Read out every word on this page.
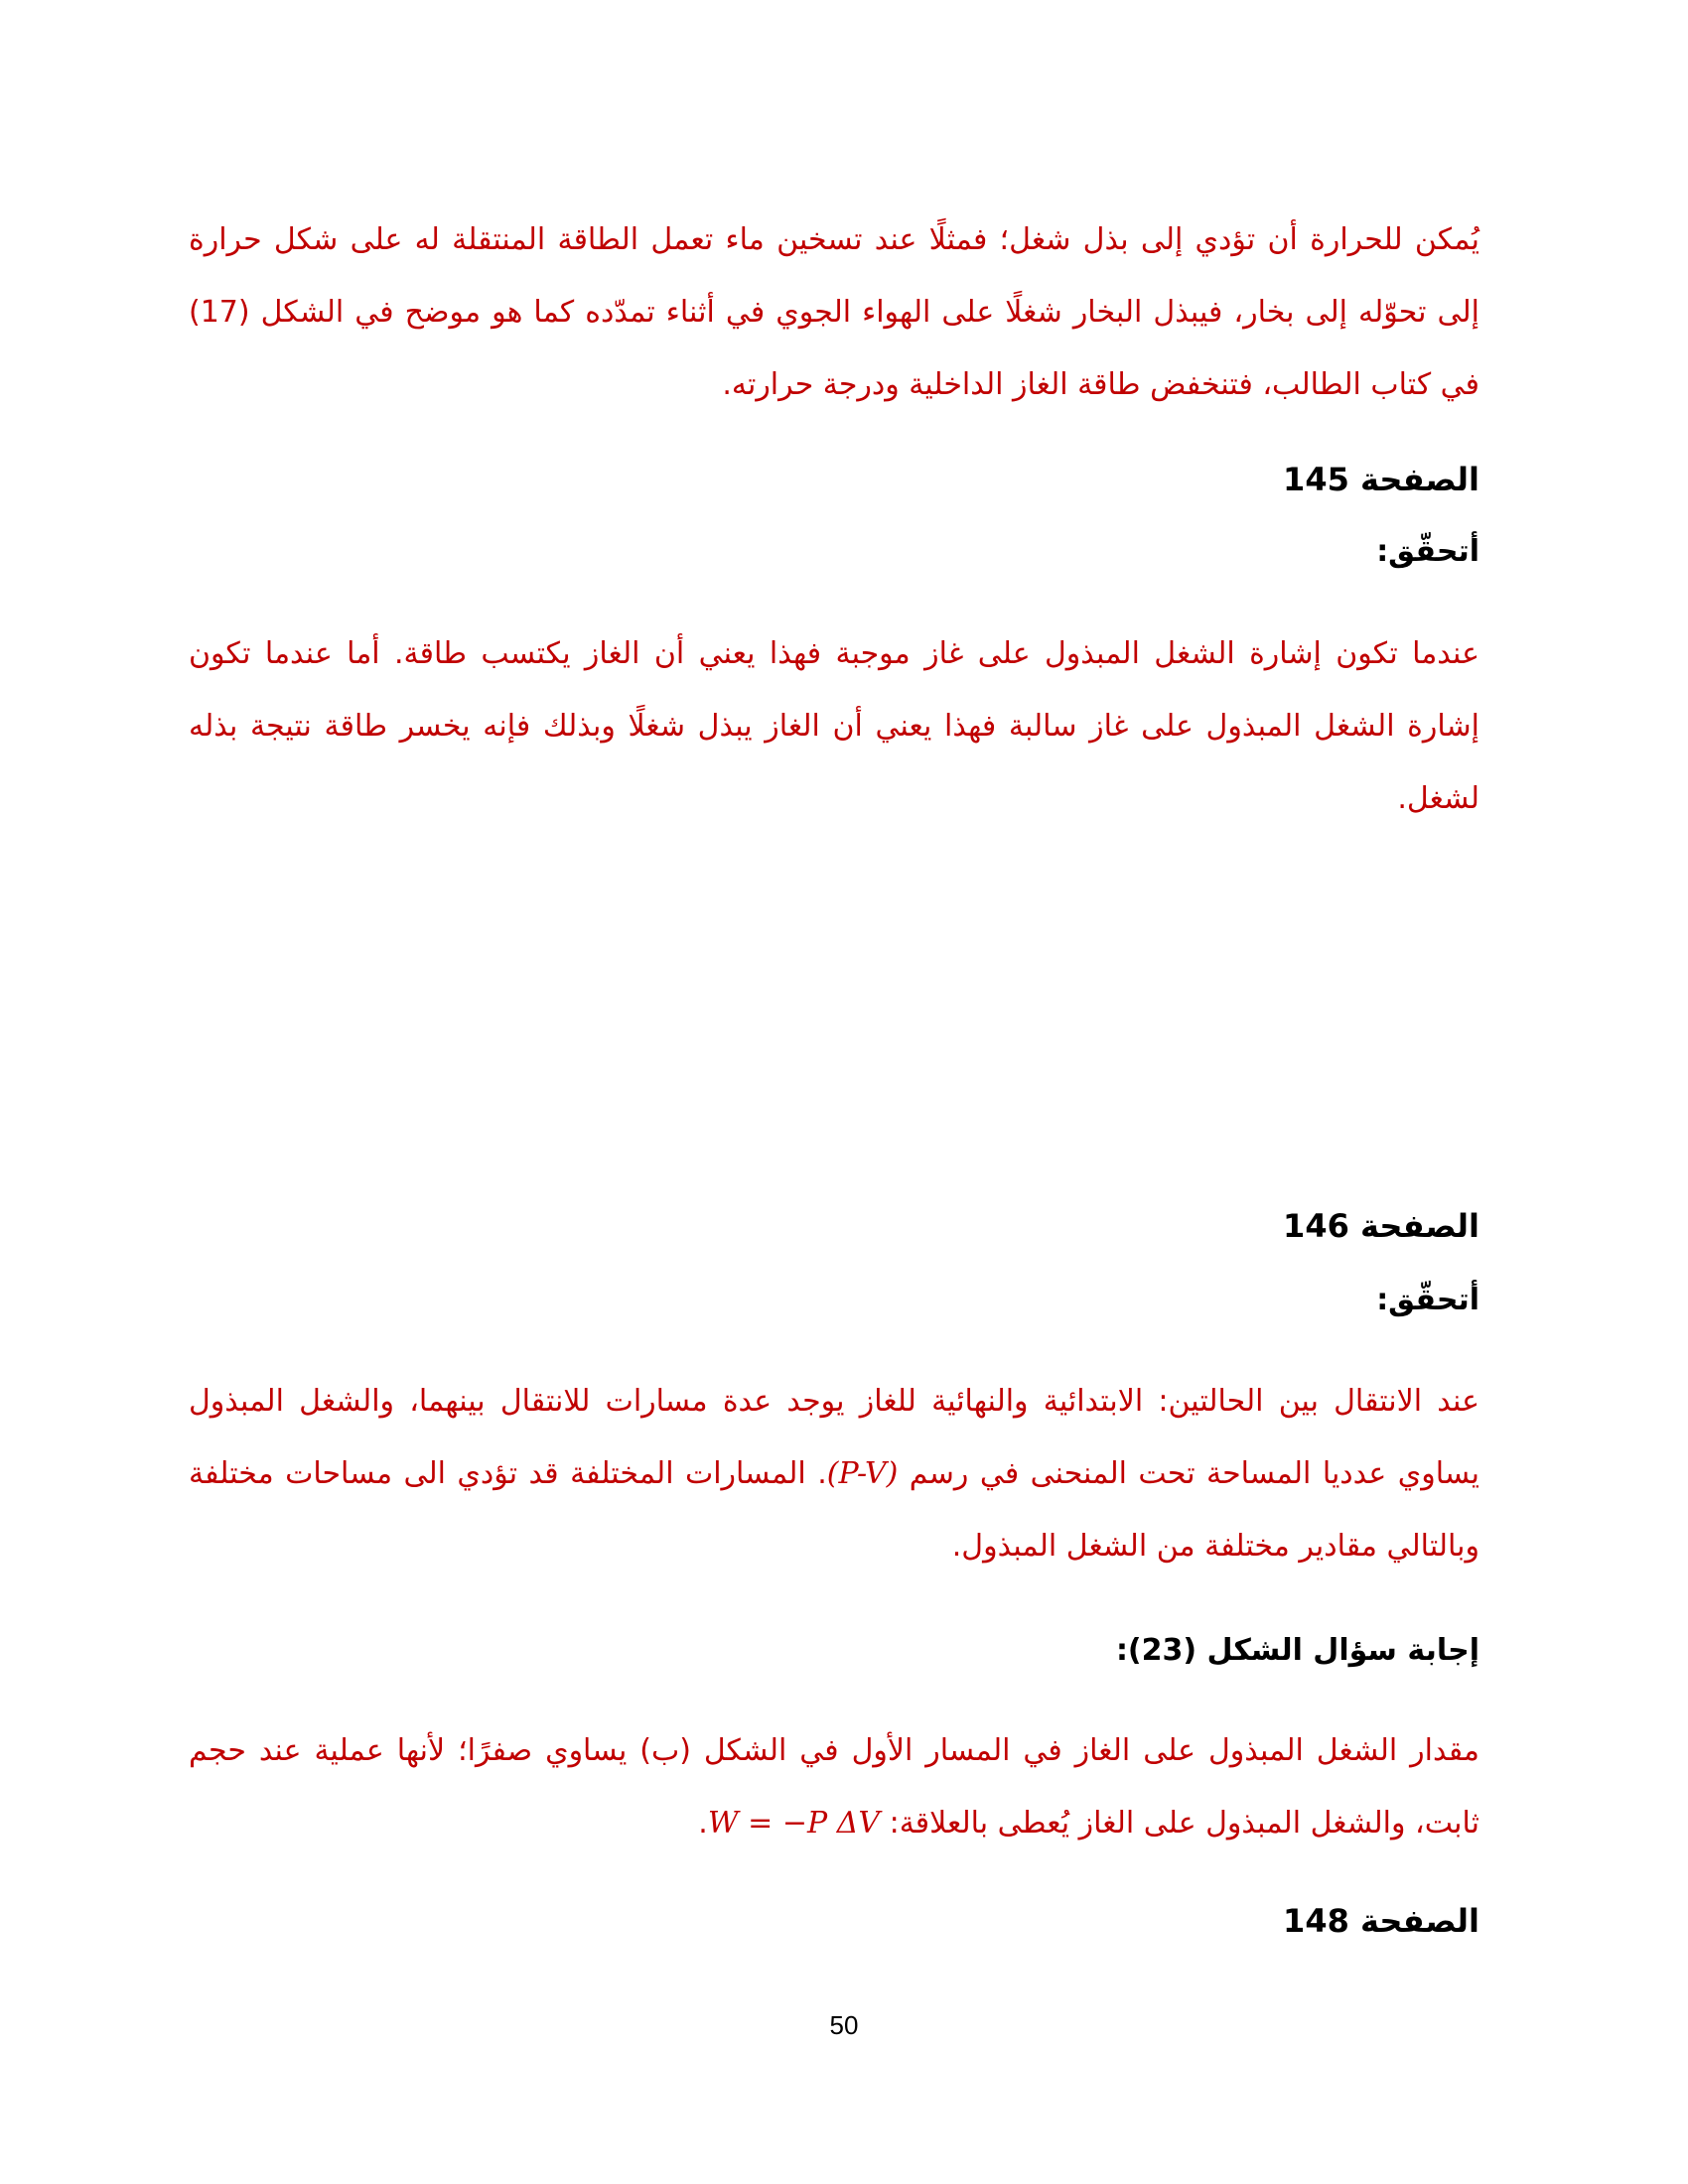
يُمكن للحرارة أن تؤدي إلى بذل شغل؛ فمثلًا عند تسخين ماء تعمل الطاقة المنتقلة له على شكل حرارة إلى تحوّله إلى بخار، فيبذل البخار شغلًا على الهواء الجوي في أثناء تمدّده كما هو موضح في الشكل (17) في كتاب الطالب، فتنخفض طاقة الغاز الداخلية ودرجة حرارته.

الصفحة 145

أتحقّق:

عندما تكون إشارة الشغل المبذول على غاز موجبة فهذا يعني أن الغاز يكتسب طاقة. أما عندما تكون إشارة الشغل المبذول على غاز سالبة فهذا يعني أن الغاز يبذل شغلًا وبذلك فإنه يخسر طاقة نتيجة بذله لشغل.

الصفحة 146

أتحقّق:

عند الانتقال بين الحالتين: الابتدائية والنهائية للغاز يوجد عدة مسارات للانتقال بينهما، والشغل المبذول يساوي عدديا المساحة تحت المنحنى في رسم (P-V). المسارات المختلفة قد تؤدي الى مساحات مختلفة وبالتالي مقادير مختلفة من الشغل المبذول.

إجابة سؤال الشكل (23):

مقدار الشغل المبذول على الغاز في المسار الأول في الشكل (ب) يساوي صفرًا؛ لأنها عملية عند حجم ثابت، والشغل المبذول على الغاز يُعطى بالعلاقة: W = −P ΔV.

الصفحة 148

50
